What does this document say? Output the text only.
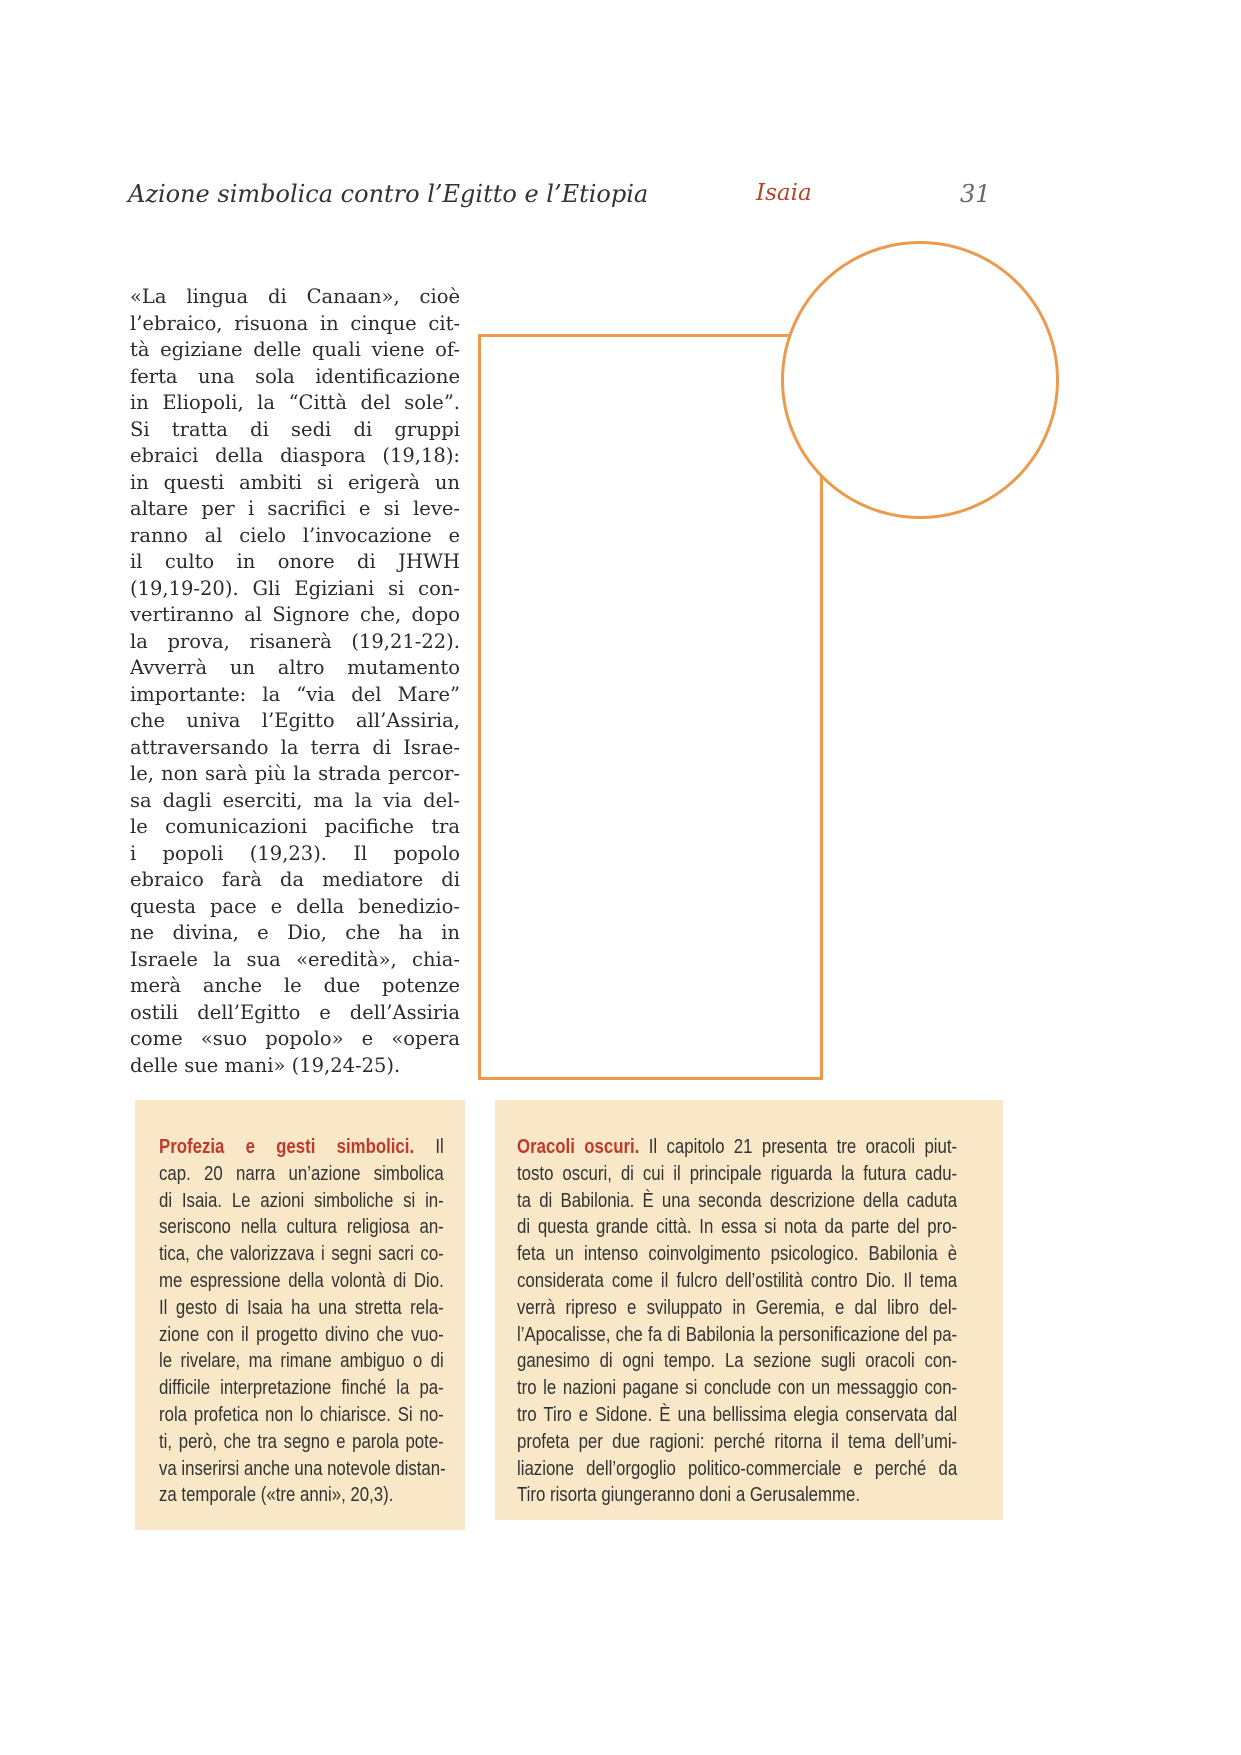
Azione simbolica contro l’Egitto e l’Etiopia	Isaia	31
«La lingua di Canaan», cioè
l’ebraico, risuona in cinque cit-
tà egiziane delle quali viene of-
ferta una sola identificazione
in Eliopoli, la “Città del sole”.
Si tratta di sedi di gruppi
ebraici della diaspora (19,18):
in questi ambiti si erigerà un
altare per i sacrifici e si leve-
ranno al cielo l’invocazione e
il culto in onore di JHWH
(19,19-20). Gli Egiziani si con-
vertiranno al Signore che, dopo
la prova, risanerà (19,21-22).
Avverrà un altro mutamento
importante: la “via del Mare”
che univa l’Egitto all’Assiria,
attraversando la terra di Israe-
le, non sarà più la strada percor-
sa dagli eserciti, ma la via del-
le comunicazioni pacifiche tra
i popoli (19,23). Il popolo
ebraico farà da mediatore di
questa pace e della benedizio-
ne divina, e Dio, che ha in
Israele la sua «eredità», chia-
merà anche le due potenze
ostili dell’Egitto e dell’Assiria
come «suo popolo» e «opera
delle sue mani» (19,24-25).
Profezia e gesti simbolici. Il
cap. 20 narra un’azione simbolica
di Isaia. Le azioni simboliche si in-
seriscono nella cultura religiosa an-
tica, che valorizzava i segni sacri co-
me espressione della volontà di Dio.
Il gesto di Isaia ha una stretta rela-
zione con il progetto divino che vuo-
le rivelare, ma rimane ambiguo o di
difficile interpretazione finché la pa-
rola profetica non lo chiarisce. Si no-
ti, però, che tra segno e parola pote-
va inserirsi anche una notevole distan-
za temporale («tre anni», 20,3).
Oracoli oscuri. Il capitolo 21 presenta tre oracoli piut-
tosto oscuri, di cui il principale riguarda la futura cadu-
ta di Babilonia. È una seconda descrizione della caduta
di questa grande città. In essa si nota da parte del pro-
feta un intenso coinvolgimento psicologico. Babilonia è
considerata come il fulcro dell’ostilità contro Dio. Il tema
verrà ripreso e sviluppato in Geremia, e dal libro del-
l’Apocalisse, che fa di Babilonia la personificazione del pa-
ganesimo di ogni tempo. La sezione sugli oracoli con-
tro le nazioni pagane si conclude con un messaggio con-
tro Tiro e Sidone. È una bellissima elegia conservata dal
profeta per due ragioni: perché ritorna il tema dell’umi-
liazione dell’orgoglio politico-commerciale e perché da
Tiro risorta giungeranno doni a Gerusalemme.
